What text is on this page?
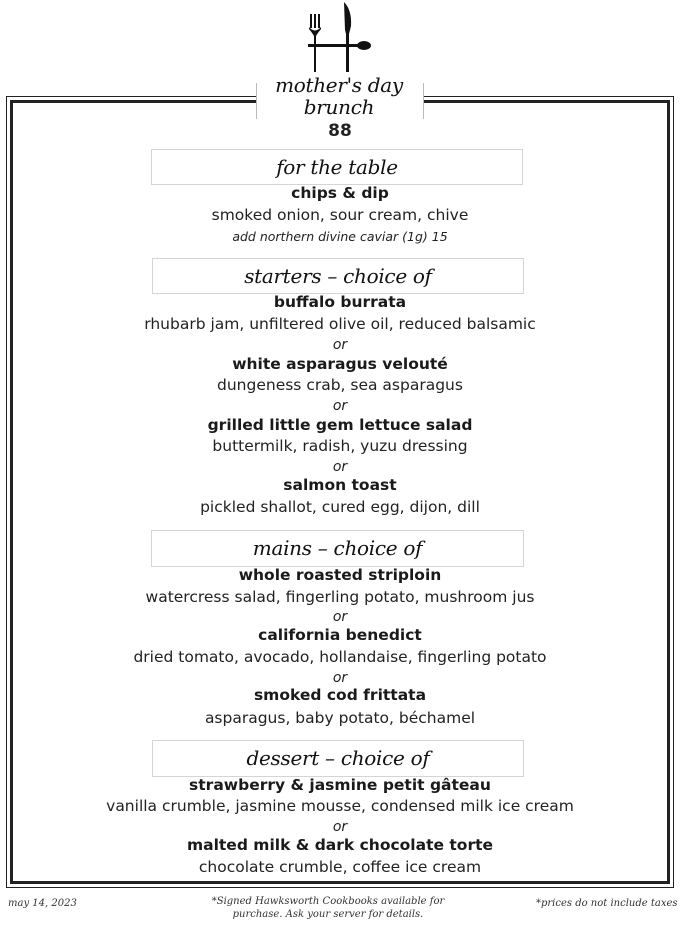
mother's day
brunch
88
for the table
chips & dip
smoked onion, sour cream, chive
add northern divine caviar (1g) 15
starters – choice of
buffalo burrata
rhubarb jam, unfiltered olive oil, reduced balsamic
or
white asparagus velouté
dungeness crab, sea asparagus
or
grilled little gem lettuce salad
buttermilk, radish, yuzu dressing
or
salmon toast
pickled shallot, cured egg, dijon, dill
mains – choice of
whole roasted striploin
watercress salad, fingerling potato, mushroom jus
or
california benedict
dried tomato, avocado, hollandaise, fingerling potato
or
smoked cod frittata
asparagus, baby potato, béchamel
dessert – choice of
strawberry & jasmine petit gâteau
vanilla crumble, jasmine mousse, condensed milk ice cream
or
malted milk & dark chocolate torte
chocolate crumble, coffee ice cream
may 14, 2023	*Signed Hawksworth Cookbooks available for
purchase. Ask your server for details.
*prices do not include taxes
